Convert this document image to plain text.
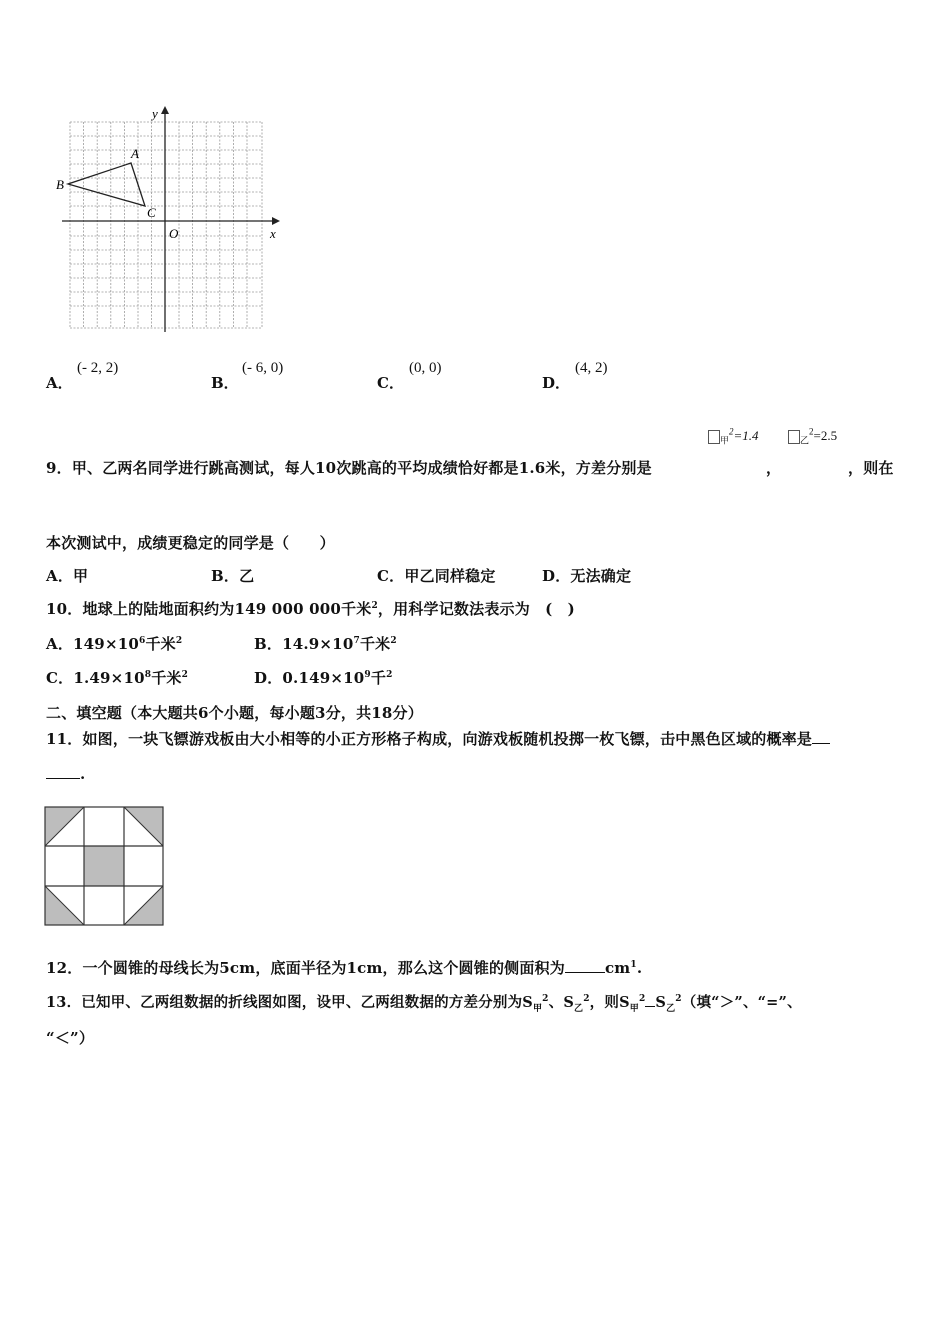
y
x
O
A
B
C
A．
(- 2, 2)
B．
(- 6, 0)
C．
(0, 0)
D．
(4, 2)
$_甲^2$=1.4	$_乙^2$=2.5
9．甲、乙两名同学进行跳高测试，每人10次跳高的平均成绩恰好都是1.6米，方差分别是	，	，则在
本次测试中，成绩更稳定的同学是（　　）
A．甲	B．乙	C．甲乙同样稳定	D．无法确定
10．地球上的陆地面积约为149 000 000千米$^2$，用科学记数法表示为　(　)
A．$149\times 10^6$千米$^2$	B．$14.9\times 10^7$千米$^2$
C．$1.49\times 10^8$千米$^2$	D．$0.149\times 10^9$千$^2$
二、填空题（本大题共6个小题，每小题3分，共18分）
11．如图，一块飞镖游戏板由大小相等的小正方形格子构成，向游戏板随机投掷一枚飞镖，击中黑色区域的概率是
.
12．一个圆锥的母线长为5cm，底面半径为1cm，那么这个圆锥的侧面积为	$cm^1$.
13．已知甲、乙两组数据的折线图如图，设甲、乙两组数据的方差分别为$S_甲^2$、$S_乙^2$，则$S_甲^2$ $S_乙^2$（填“＞”、“=”、
“＜”）
